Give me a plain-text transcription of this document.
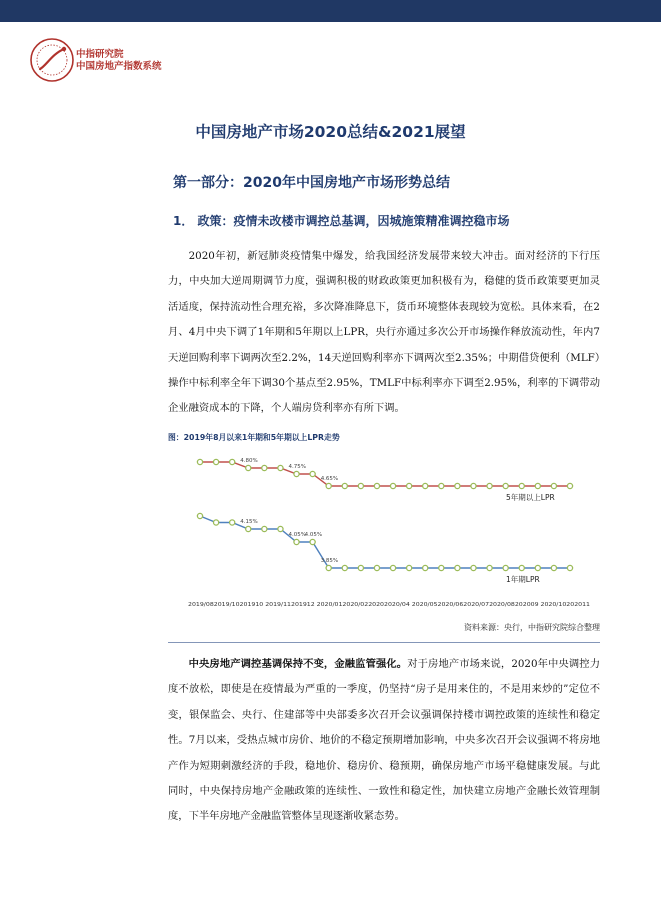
中指研究院
中国房地产指数系统
中国房地产市场2020总结&2021展望
第一部分：2020年中国房地产市场形势总结
1． 政策：疫情未改楼市调控总基调，因城施策精准调控稳市场

2020年初，新冠肺炎疫情集中爆发，给我国经济发展带来较大冲击。面对经济的下行压力，中央加大逆周期调节力度，强调积极的财政政策更加积极有为，稳健的货币政策要更加灵活适度，保持流动性合理充裕，多次降准降息下，货币环境整体表现较为宽松。具体来看，在2月、4月中央下调了1年期和5年期以上LPR，央行亦通过多次公开市场操作释放流动性，年内7天逆回购利率下调两次至2.2%，14天逆回购利率亦下调两次至2.35%；中期借贷便利（MLF）操作中标利率全年下调30个基点至2.95%，TMLF中标利率亦下调至2.95%，利率的下调带动企业融资成本的下降，个人端房贷利率亦有所下调。

图：2019年8月以来1年期和5年期以上LPR走势
5年期以上LPR
1年期LPR
4.80%
4.75%
4.65%
4.15%
4.05%
4.05%
3.85%
2019/082019/10201910 2019/11201912 2020/012020/0220202020/04 2020/052020/062020/072020/08202009 2020/10202011
资料来源：央行，中指研究院综合整理

中央房地产调控基调保持不变，金融监管强化。对于房地产市场来说，2020年中央调控力度不放松，即使是在疫情最为严重的一季度，仍坚持“房子是用来住的，不是用来炒的”定位不变，银保监会、央行、住建部等中央部委多次召开会议强调保持楼市调控政策的连续性和稳定性。7月以来，受热点城市房价、地价的不稳定预期增加影响，中央多次召开会议强调不将房地产作为短期刺激经济的手段，稳地价、稳房价、稳预期，确保房地产市场平稳健康发展。与此同时，中央保持房地产金融政策的连续性、一致性和稳定性，加快建立房地产金融长效管理制度，下半年房地产金融监管整体呈现逐渐收紧态势。
